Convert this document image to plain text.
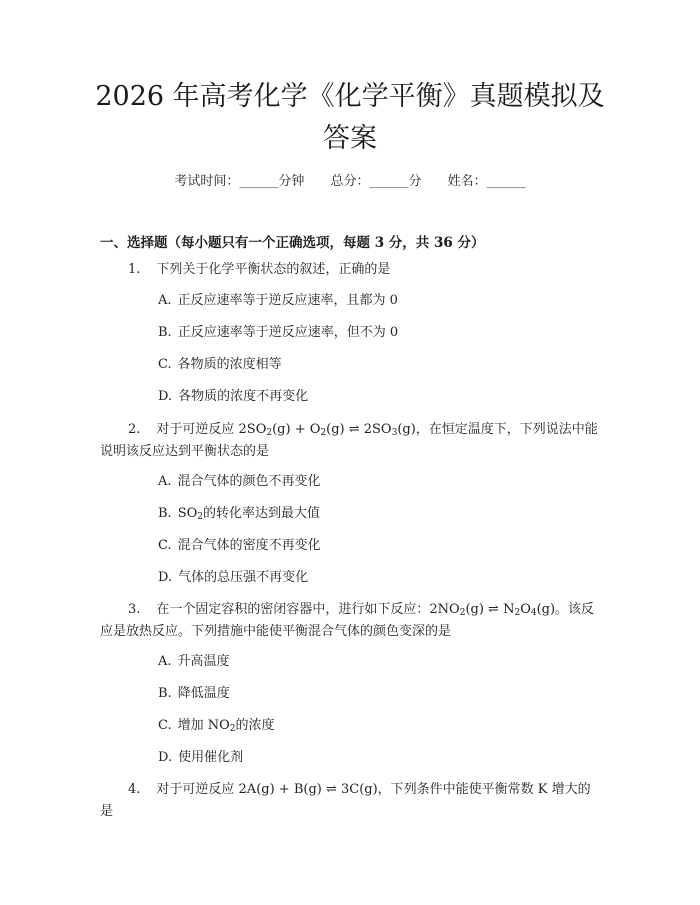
2026 年高考化学《化学平衡》真题模拟及答案
考试时间：______分钟 总分：______分 姓名：______
一、选择题（每小题只有一个正确选项，每题 3 分，共 36 分）

1. 下列关于化学平衡状态的叙述，正确的是

A. 正反应速率等于逆反应速率，且都为 0

B. 正反应速率等于逆反应速率，但不为 0

C. 各物质的浓度相等

D. 各物质的浓度不再变化

2. 对于可逆反应 $2SO_2(g) + O_2(g)$ ⇌ $2SO_3(g)$，在恒定温度下，下列说法中能说明该反应达到平衡状态的是

A. 混合气体的颜色不再变化

B. $SO_2$的转化率达到最大值

C. 混合气体的密度不再变化

D. 气体的总压强不再变化

3. 在一个固定容积的密闭容器中，进行如下反应：$2NO_2(g)$ ⇌ $N_2O_4(g)$。该反应是放热反应。下列措施中能使平衡混合气体的颜色变深的是

A. 升高温度

B. 降低温度

C. 增加 $NO_2$的浓度

D. 使用催化剂

4. 对于可逆反应 2A(g) + B(g) ⇌ 3C(g)，下列条件中能使平衡常数 K 增大的是
